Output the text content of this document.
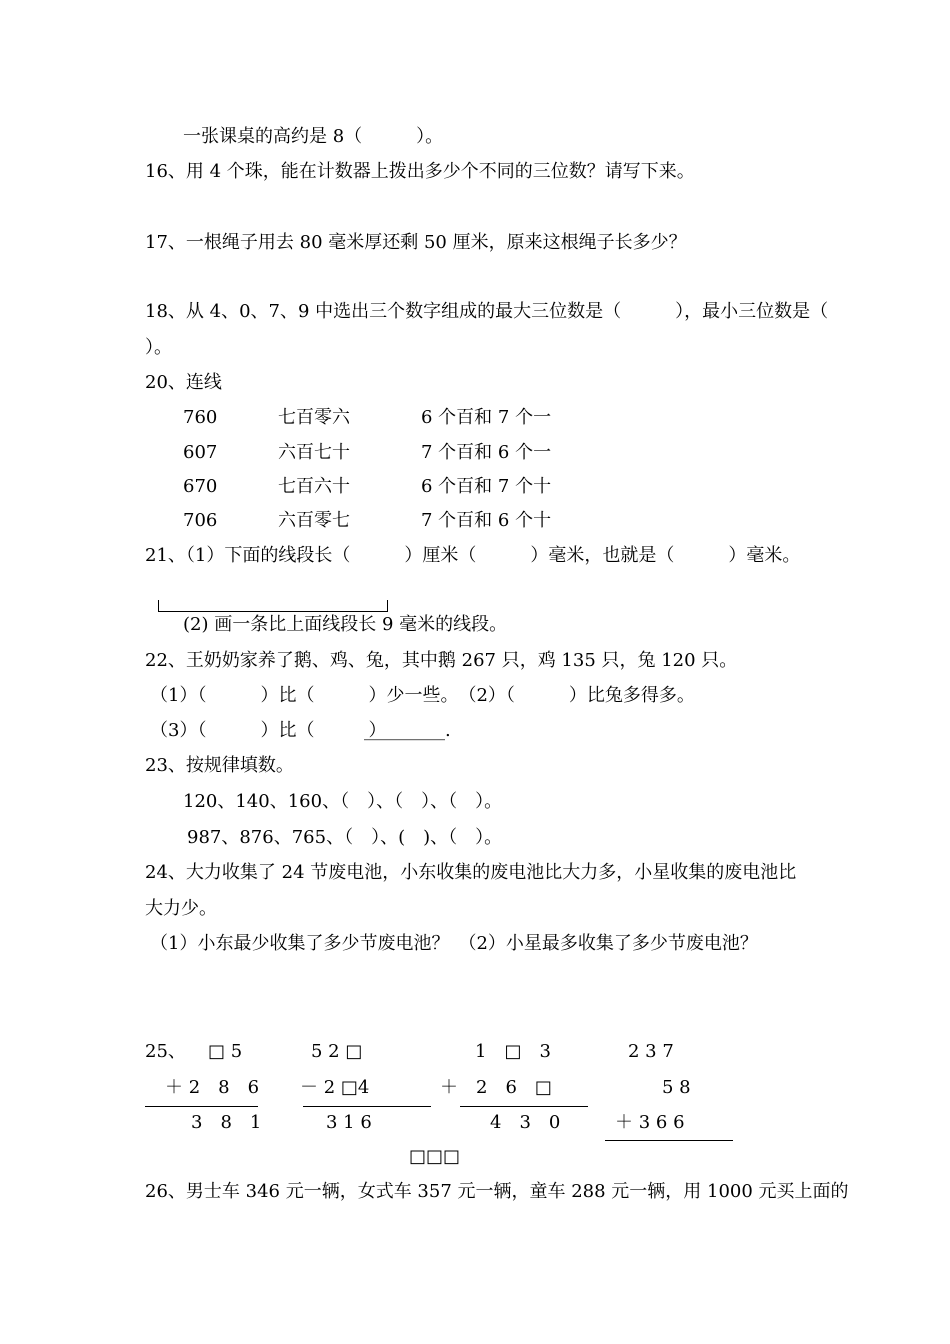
一张课桌的高约是 8（　　　）。
16、用 4 个珠，能在计数器上拨出多少个不同的三位数？请写下来。
17、一根绳子用去 80 毫米厚还剩 50 厘米，原来这根绳子长多少？
18、从 4、0、7、9 中选出三个数字组成的最大三位数是（　　　），最小三位数是（
）。
20、连线
760	七百零六	6 个百和 7 个一
607	六百七十	7 个百和 6 个一
670	七百六十	6 个百和 7 个十
706	六百零七	7 个百和 6 个十
21、（1）下面的线段长（　　　）厘米（　　　）毫米，也就是（　　　）毫米。
(2) 画一条比上面线段长 9 毫米的线段。
22、王奶奶家养了鹅、鸡、兔，其中鹅 267 只，鸡 135 只，兔 120 只。
（1）（　　　）比（　　　）少一些。　（2）（　　　）比兔多得多。
（3）（　　　）比（　　　）
_________.
23、按规律填数。
120、140、160、（　）、（　）、（　）。
987、876、765、（　）、(　)、（　）。
24、大力收集了 24 节废电池，小东收集的废电池比大力多，小星收集的废电池比
大力少。
（1）小东最少收集了多少节废电池？　（2）小星最多收集了多少节废电池？
25、 □ 5
＋ 2　8　6
3　8　1
5 2 □
－ 2 □4
3 1 6
1　□　3
＋　2　6　□
4　3　0
2 3 7
5 8
＋ 3 6 6
□□□
26、男士车 346 元一辆，女式车 357 元一辆，童车 288 元一辆，用 1000 元买上面的
